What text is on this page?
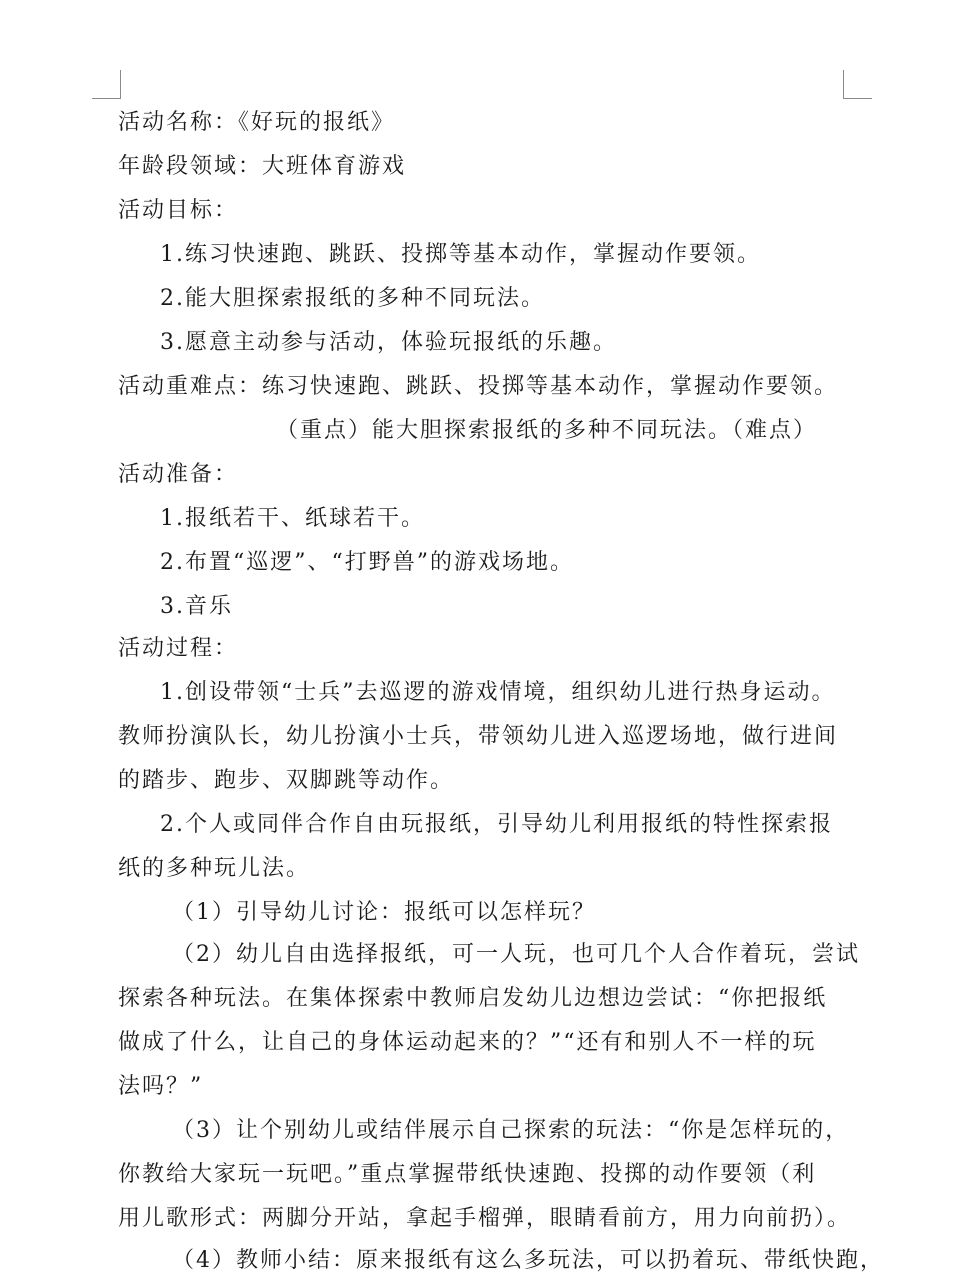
活动名称：《好玩的报纸》
年龄段领域：大班体育游戏
活动目标：
1.练习快速跑、跳跃、投掷等基本动作，掌握动作要领。
2.能大胆探索报纸的多种不同玩法。
3.愿意主动参与活动，体验玩报纸的乐趣。
活动重难点：练习快速跑、跳跃、投掷等基本动作，掌握动作要领。
（重点）能大胆探索报纸的多种不同玩法。（难点）
活动准备：
1.报纸若干、纸球若干。
2.布置“巡逻”、“打野兽”的游戏场地。
3.音乐
活动过程：
1.创设带领“士兵”去巡逻的游戏情境，组织幼儿进行热身运动。
教师扮演队长，幼儿扮演小士兵，带领幼儿进入巡逻场地，做行进间
的踏步、跑步、双脚跳等动作。
2.个人或同伴合作自由玩报纸，引导幼儿利用报纸的特性探索报
纸的多种玩儿法。
（1）引导幼儿讨论：报纸可以怎样玩？
（2）幼儿自由选择报纸，可一人玩，也可几个人合作着玩，尝试
探索各种玩法。在集体探索中教师启发幼儿边想边尝试：“你把报纸
做成了什么，让自己的身体运动起来的？”“还有和别人不一样的玩
法吗？”
（3）让个别幼儿或结伴展示自己探索的玩法：“你是怎样玩的，
你教给大家玩一玩吧。”重点掌握带纸快速跑、投掷的动作要领（利
用儿歌形式：两脚分开站，拿起手榴弹，眼睛看前方，用力向前扔）。
（4）教师小结：原来报纸有这么多玩法，可以扔着玩、带纸快跑，
